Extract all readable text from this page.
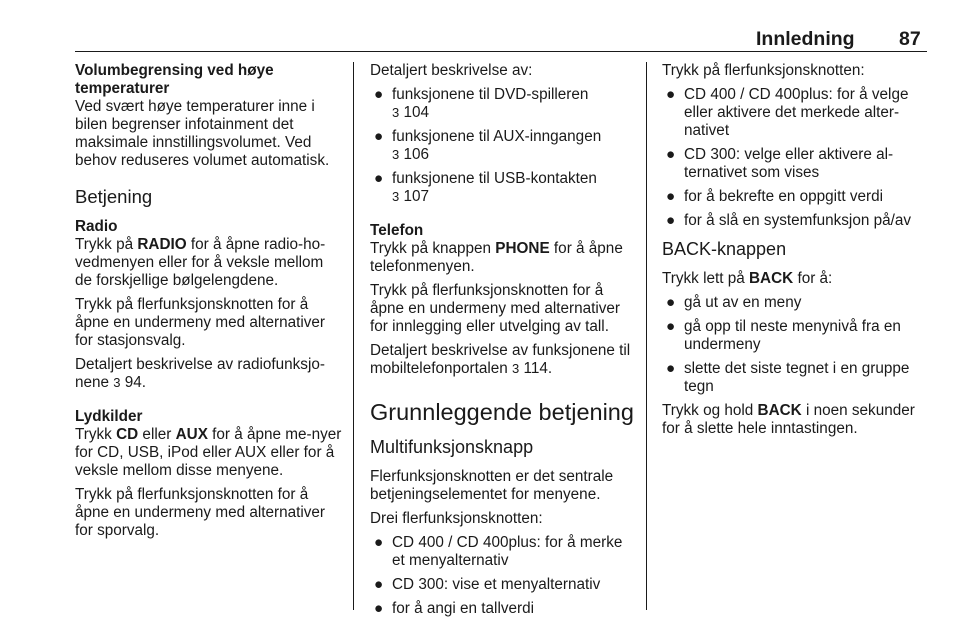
Innledning 87

Volumbegrensing ved høye temperaturer

Ved svært høye temperaturer inne i bilen begrenser infotainment det maksimale innstillingsvolumet. Ved behov reduseres volumet automatisk.

Betjening

Radio

Trykk på RADIO for å åpne radio-ho-vedmenyen eller for å veksle mellom de forskjellige bølgelengdene.

Trykk på flerfunksjonsknotten for å åpne en undermeny med alternativer for stasjonsvalg.

Detaljert beskrivelse av radiofunksjo-nene 3 94.

Lydkilder

Trykk CD eller AUX for å åpne me-nyer for CD, USB, iPod eller AUX eller for å veksle mellom disse menyene.

Trykk på flerfunksjonsknotten for å åpne en undermeny med alternativer for sporvalg.

Detaljert beskrivelse av:

● funksjonene til DVD-spilleren
3 104
● funksjonene til AUX-inngangen
3 106
● funksjonene til USB-kontakten
3 107

Telefon

Trykk på knappen PHONE for å åpne telefonmenyen.

Trykk på flerfunksjonsknotten for å åpne en undermeny med alternativer for innlegging eller utvelging av tall.

Detaljert beskrivelse av funksjonene til mobiltelefonportalen 3 114.

Grunnleggende betjening
Multifunksjonsknapp

Flerfunksjonsknotten er det sentrale betjeningselementet for menyene.

Drei flerfunksjonsknotten:

● CD 400 / CD 400plus: for å merke et menyalternativ
● CD 300: vise et menyalternativ
● for å angi en tallverdi

Trykk på flerfunksjonsknotten:

● CD 400 / CD 400plus: for å velge eller aktivere det merkede alter-nativet
● CD 300: velge eller aktivere al-ternativet som vises
● for å bekrefte en oppgitt verdi
● for å slå en systemfunksjon på/av
BACK-knappen

Trykk lett på BACK for å:

● gå ut av en meny
● gå opp til neste menynivå fra en undermeny
● slette det siste tegnet i en gruppe tegn

Trykk og hold BACK i noen sekunder for å slette hele inntastingen.
